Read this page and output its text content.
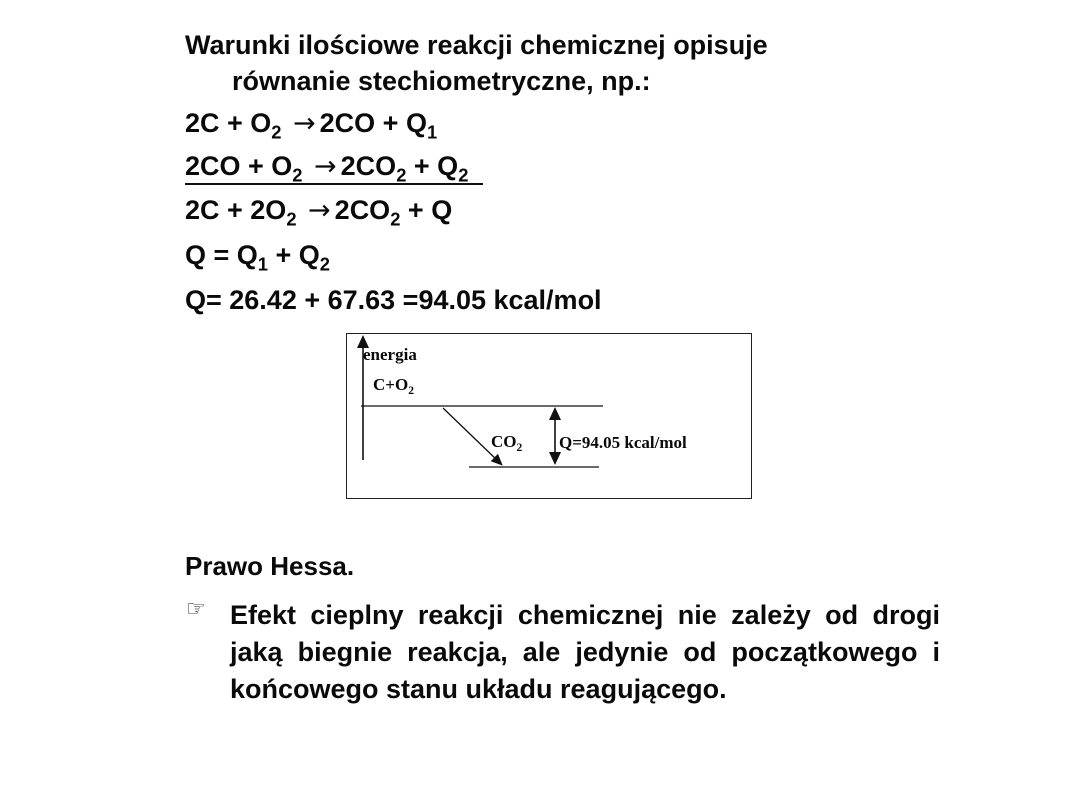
Warunki ilościowe reakcji chemicznej opisuje
równanie stechiometryczne, np.:
$2C + O_2 \to 2CO + Q_1$
$2CO + O_2 \to 2CO_2 + Q_2$
$2C + 2O_2 \to 2CO_2 + Q$
$Q = Q_1 + Q_2$
Q= 26.42 + 67.63 =94.05 kcal/mol
energia
$C+O_2$
$CO_2$ Q=94.05 kcal/mol
Prawo Hessa.
☞ Efekt cieplny reakcji chemicznej nie zależy od drogi jaką biegnie reakcja, ale jedynie od początkowego i końcowego stanu układu reagującego.
